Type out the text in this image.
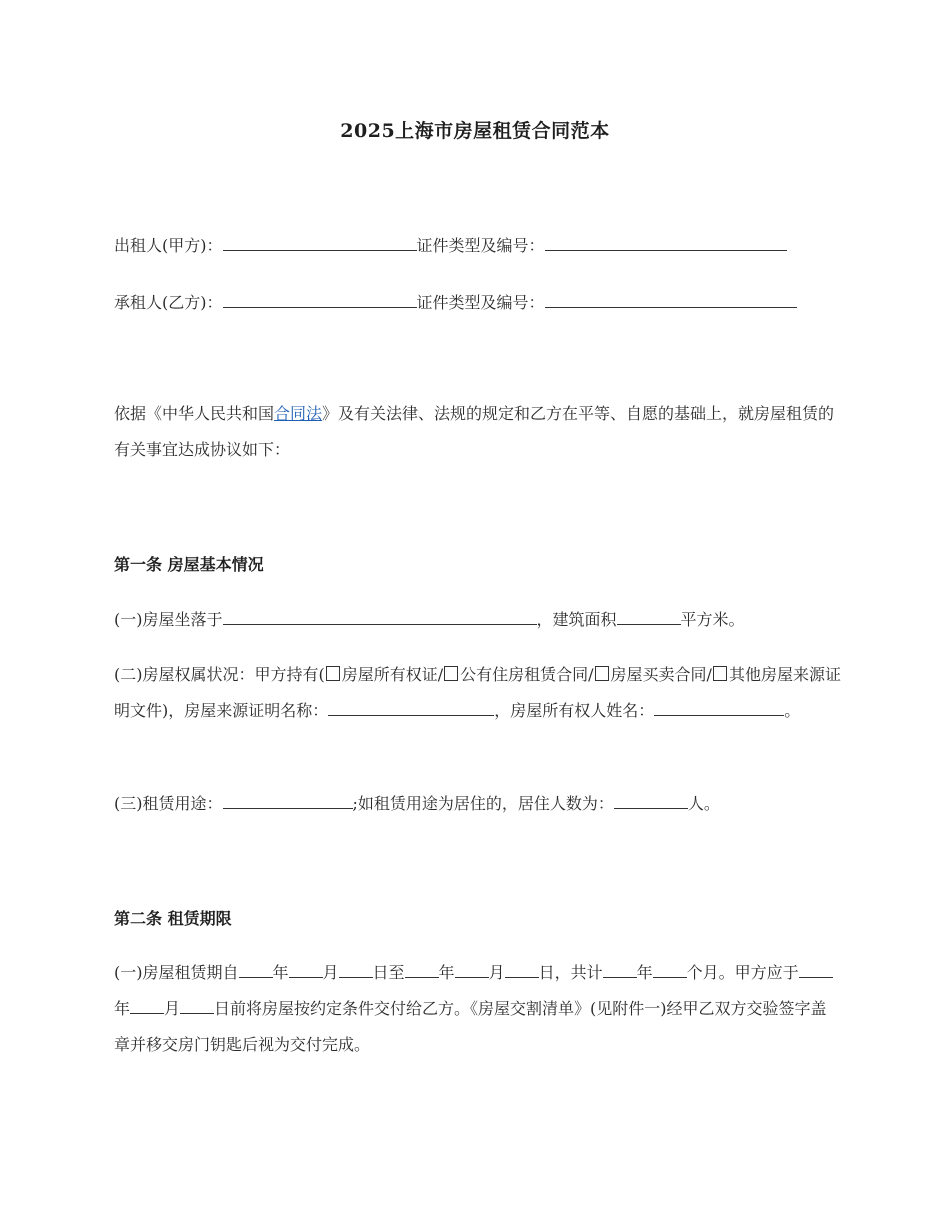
2025上海市房屋租赁合同范本
出租人(甲方)：	证件类型及编号：
承租人(乙方)：	证件类型及编号：
依据《中华人民共和国合同法》及有关法律、法规的规定和乙方在平等、自愿的基础上，就房屋租赁的有关事宜达成协议如下：
第一条 房屋基本情况
(一)房屋坐落于	，建筑面积	平方米。
(二)房屋权属状况：甲方持有( 房屋所有权证/ 公有住房租赁合同/ 房屋买卖合同/ 其他房屋来源证明文件)，房屋来源证明名称：	，房屋所有权人姓名：	。
(三)租赁用途：	;如租赁用途为居住的，居住人数为：	人。
第二条 租赁期限
(一)房屋租赁期自 年 月 日至 年 月 日，共计 年 个月。甲方应于年 月 日前将房屋按约定条件交付给乙方。《房屋交割清单》(见附件一)经甲乙双方交验签字盖章并移交房门钥匙后视为交付完成。
